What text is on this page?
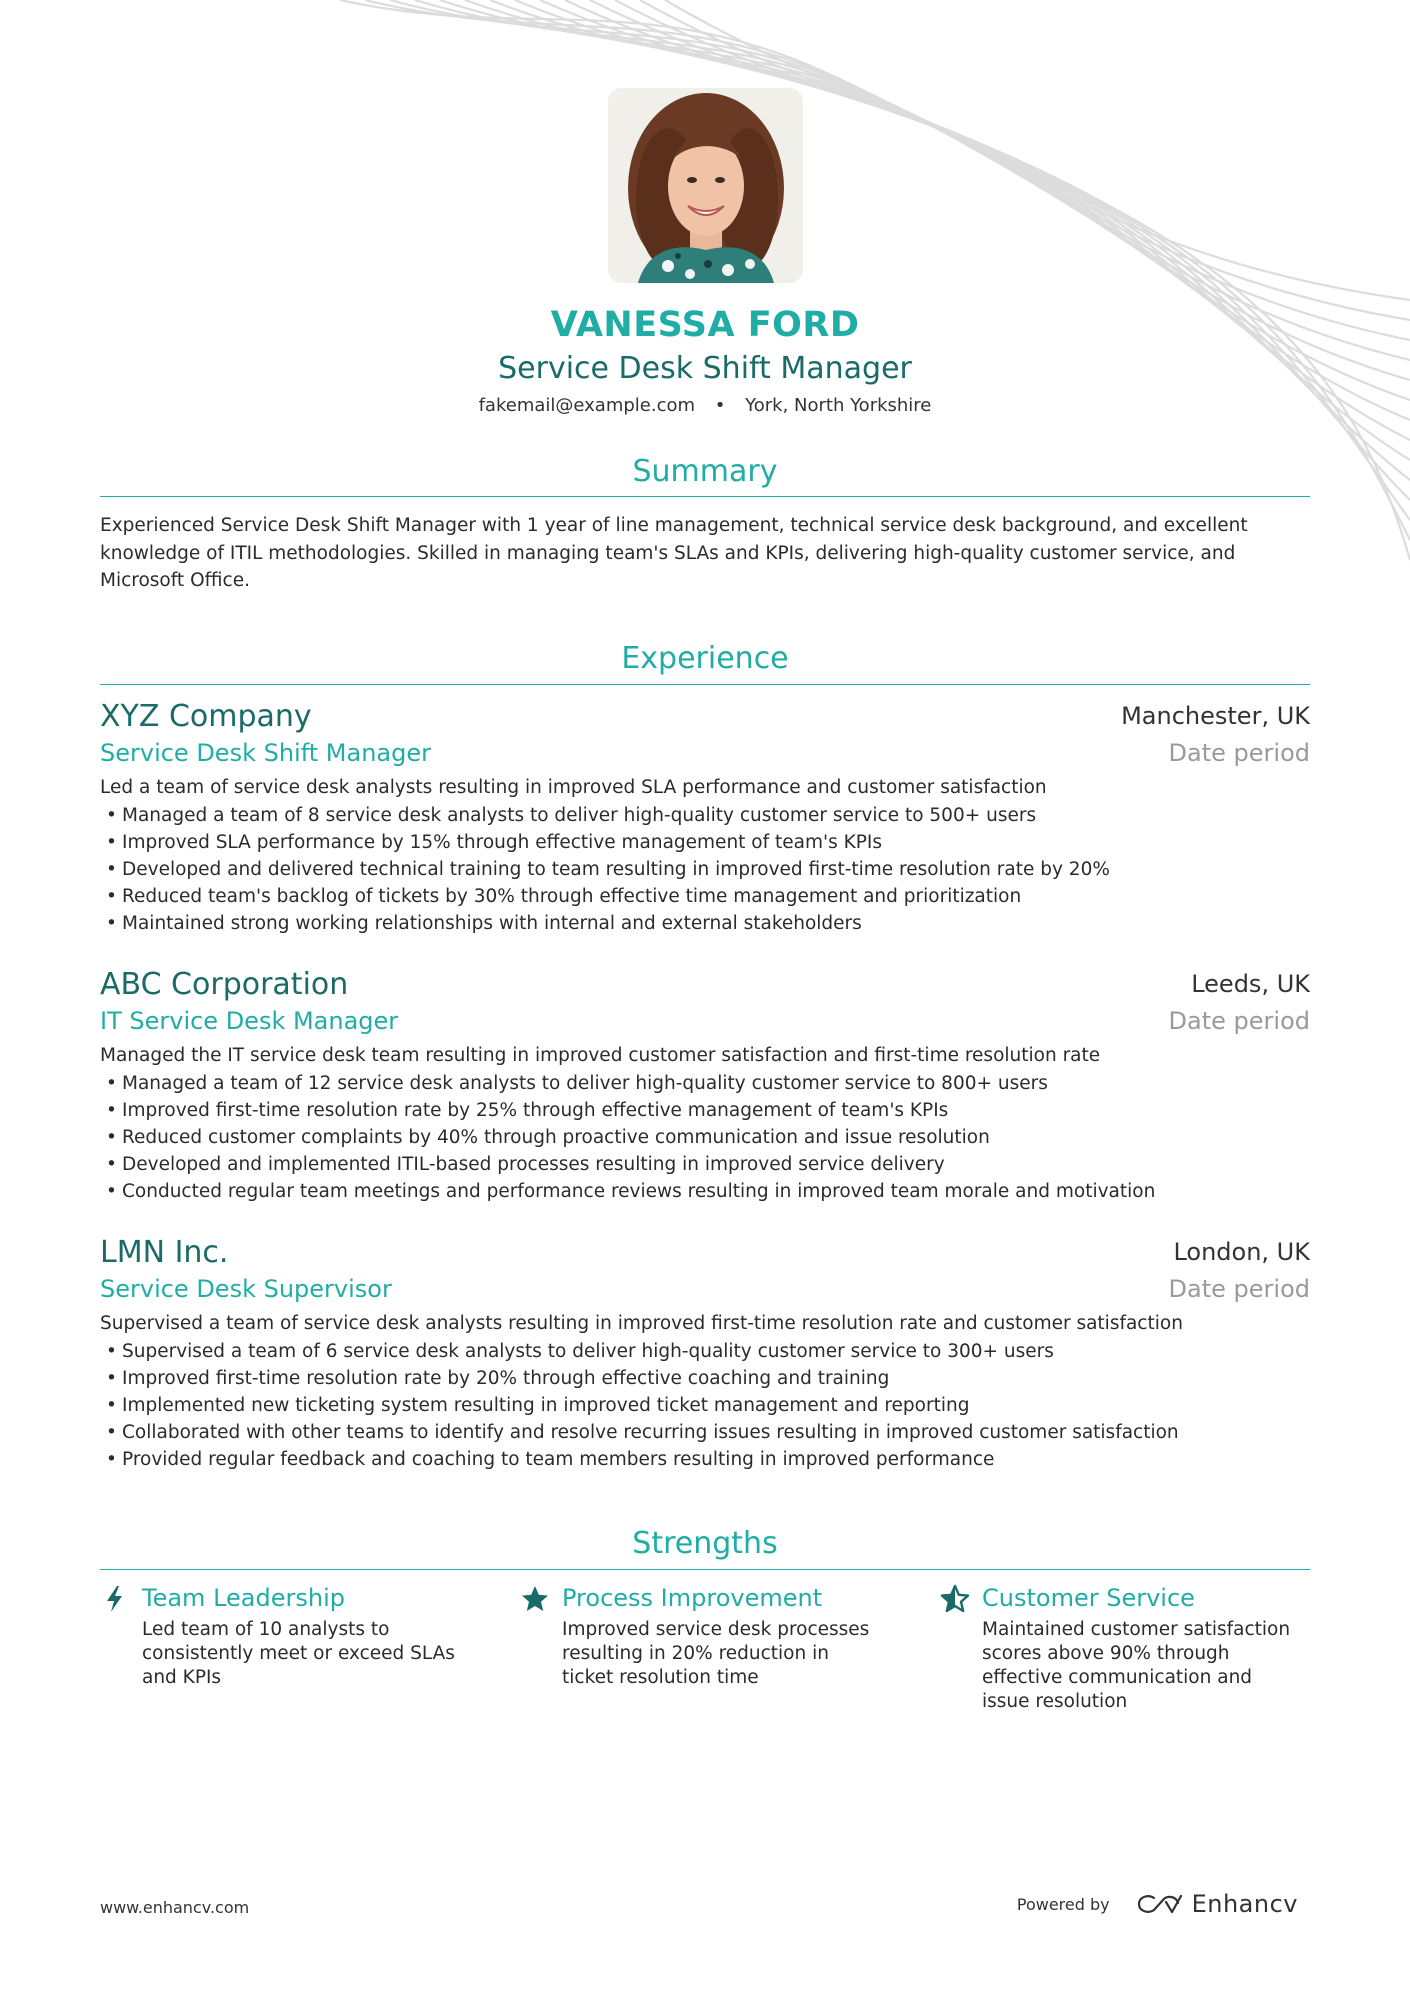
VANESSA FORD
Service Desk Shift Manager
fakemail@example.com • York, North Yorkshire
Summary
Experienced Service Desk Shift Manager with 1 year of line management, technical service desk background, and excellent knowledge of ITIL methodologies. Skilled in managing team's SLAs and KPIs, delivering high-quality customer service, and Microsoft Office.
Experience
XYZ Company	Manchester, UK
Service Desk Shift Manager	Date period
Led a team of service desk analysts resulting in improved SLA performance and customer satisfaction
• Managed a team of 8 service desk analysts to deliver high-quality customer service to 500+ users
• Improved SLA performance by 15% through effective management of team's KPIs
• Developed and delivered technical training to team resulting in improved first-time resolution rate by 20%
• Reduced team's backlog of tickets by 30% through effective time management and prioritization
• Maintained strong working relationships with internal and external stakeholders
ABC Corporation	Leeds, UK
IT Service Desk Manager	Date period
Managed the IT service desk team resulting in improved customer satisfaction and first-time resolution rate
• Managed a team of 12 service desk analysts to deliver high-quality customer service to 800+ users
• Improved first-time resolution rate by 25% through effective management of team's KPIs
• Reduced customer complaints by 40% through proactive communication and issue resolution
• Developed and implemented ITIL-based processes resulting in improved service delivery
• Conducted regular team meetings and performance reviews resulting in improved team morale and motivation
LMN Inc.	London, UK
Service Desk Supervisor	Date period
Supervised a team of service desk analysts resulting in improved first-time resolution rate and customer satisfaction
• Supervised a team of 6 service desk analysts to deliver high-quality customer service to 300+ users
• Improved first-time resolution rate by 20% through effective coaching and training
• Implemented new ticketing system resulting in improved ticket management and reporting
• Collaborated with other teams to identify and resolve recurring issues resulting in improved customer satisfaction
• Provided regular feedback and coaching to team members resulting in improved performance
Strengths
Team Leadership
Led team of 10 analysts to consistently meet or exceed SLAs and KPIs
Process Improvement
Improved service desk processes resulting in 20% reduction in ticket resolution time
Customer Service
Maintained customer satisfaction scores above 90% through effective communication and issue resolution
www.enhancv.com	Powered by	Enhancv
